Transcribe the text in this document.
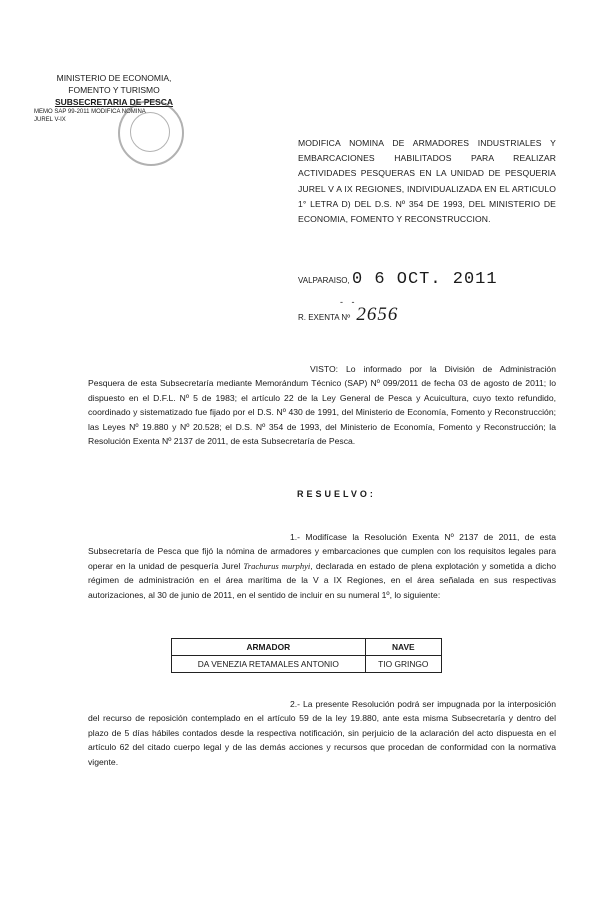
MINISTERIO DE ECONOMIA,
FOMENTO Y TURISMO
SUBSECRETARIA DE PESCA
MEMO SAP 99-2011 MODIFICA NOMINA
JUREL V-IX
MODIFICA NOMINA DE ARMADORES INDUSTRIALES Y EMBARCACIONES HABILITADOS PARA REALIZAR ACTIVIDADES PESQUERAS EN LA UNIDAD DE PESQUERIA JUREL V A IX REGIONES, INDIVIDUALIZADA EN EL ARTICULO 1° LETRA D) DEL D.S. Nº 354 DE 1993, DEL MINISTERIO DE ECONOMIA, FOMENTO Y RECONSTRUCCION.
VALPARAISO, 0 6 OCT. 2011
- -
R. EXENTA Nº 2656
VISTO: Lo informado por la División de Administración Pesquera de esta Subsecretaría mediante Memorándum Técnico (SAP) Nº 099/2011 de fecha 03 de agosto de 2011; lo dispuesto en el D.F.L. Nº 5 de 1983; el artículo 22 de la Ley General de Pesca y Acuicultura, cuyo texto refundido, coordinado y sistematizado fue fijado por el D.S. Nº 430 de 1991, del Ministerio de Economía, Fomento y Reconstrucción; las Leyes Nº 19.880 y Nº 20.528; el D.S. Nº 354 de 1993, del Ministerio de Economía, Fomento y Reconstrucción; la Resolución Exenta Nº 2137 de 2011, de esta Subsecretaría de Pesca.
RESUELVO:
1.- Modifícase la Resolución Exenta Nº 2137 de 2011, de esta Subsecretaría de Pesca que fijó la nómina de armadores y embarcaciones que cumplen con los requisitos legales para operar en la unidad de pesquería Jurel Trachurus murphyi, declarada en estado de plena explotación y sometida a dicho régimen de administración en el área marítima de la V a IX Regiones, en el área señalada en sus respectivas autorizaciones, al 30 de junio de 2011, en el sentido de incluir en su numeral 1º, lo siguiente:
ARMADOR	NAVE
DA VENEZIA RETAMALES ANTONIO	TIO GRINGO
2.- La presente Resolución podrá ser impugnada por la interposición del recurso de reposición contemplado en el artículo 59 de la ley 19.880, ante esta misma Subsecretaría y dentro del plazo de 5 días hábiles contados desde la respectiva notificación, sin perjuicio de la aclaración del acto dispuesta en el artículo 62 del citado cuerpo legal y de las demás acciones y recursos que procedan de conformidad con la normativa vigente.
